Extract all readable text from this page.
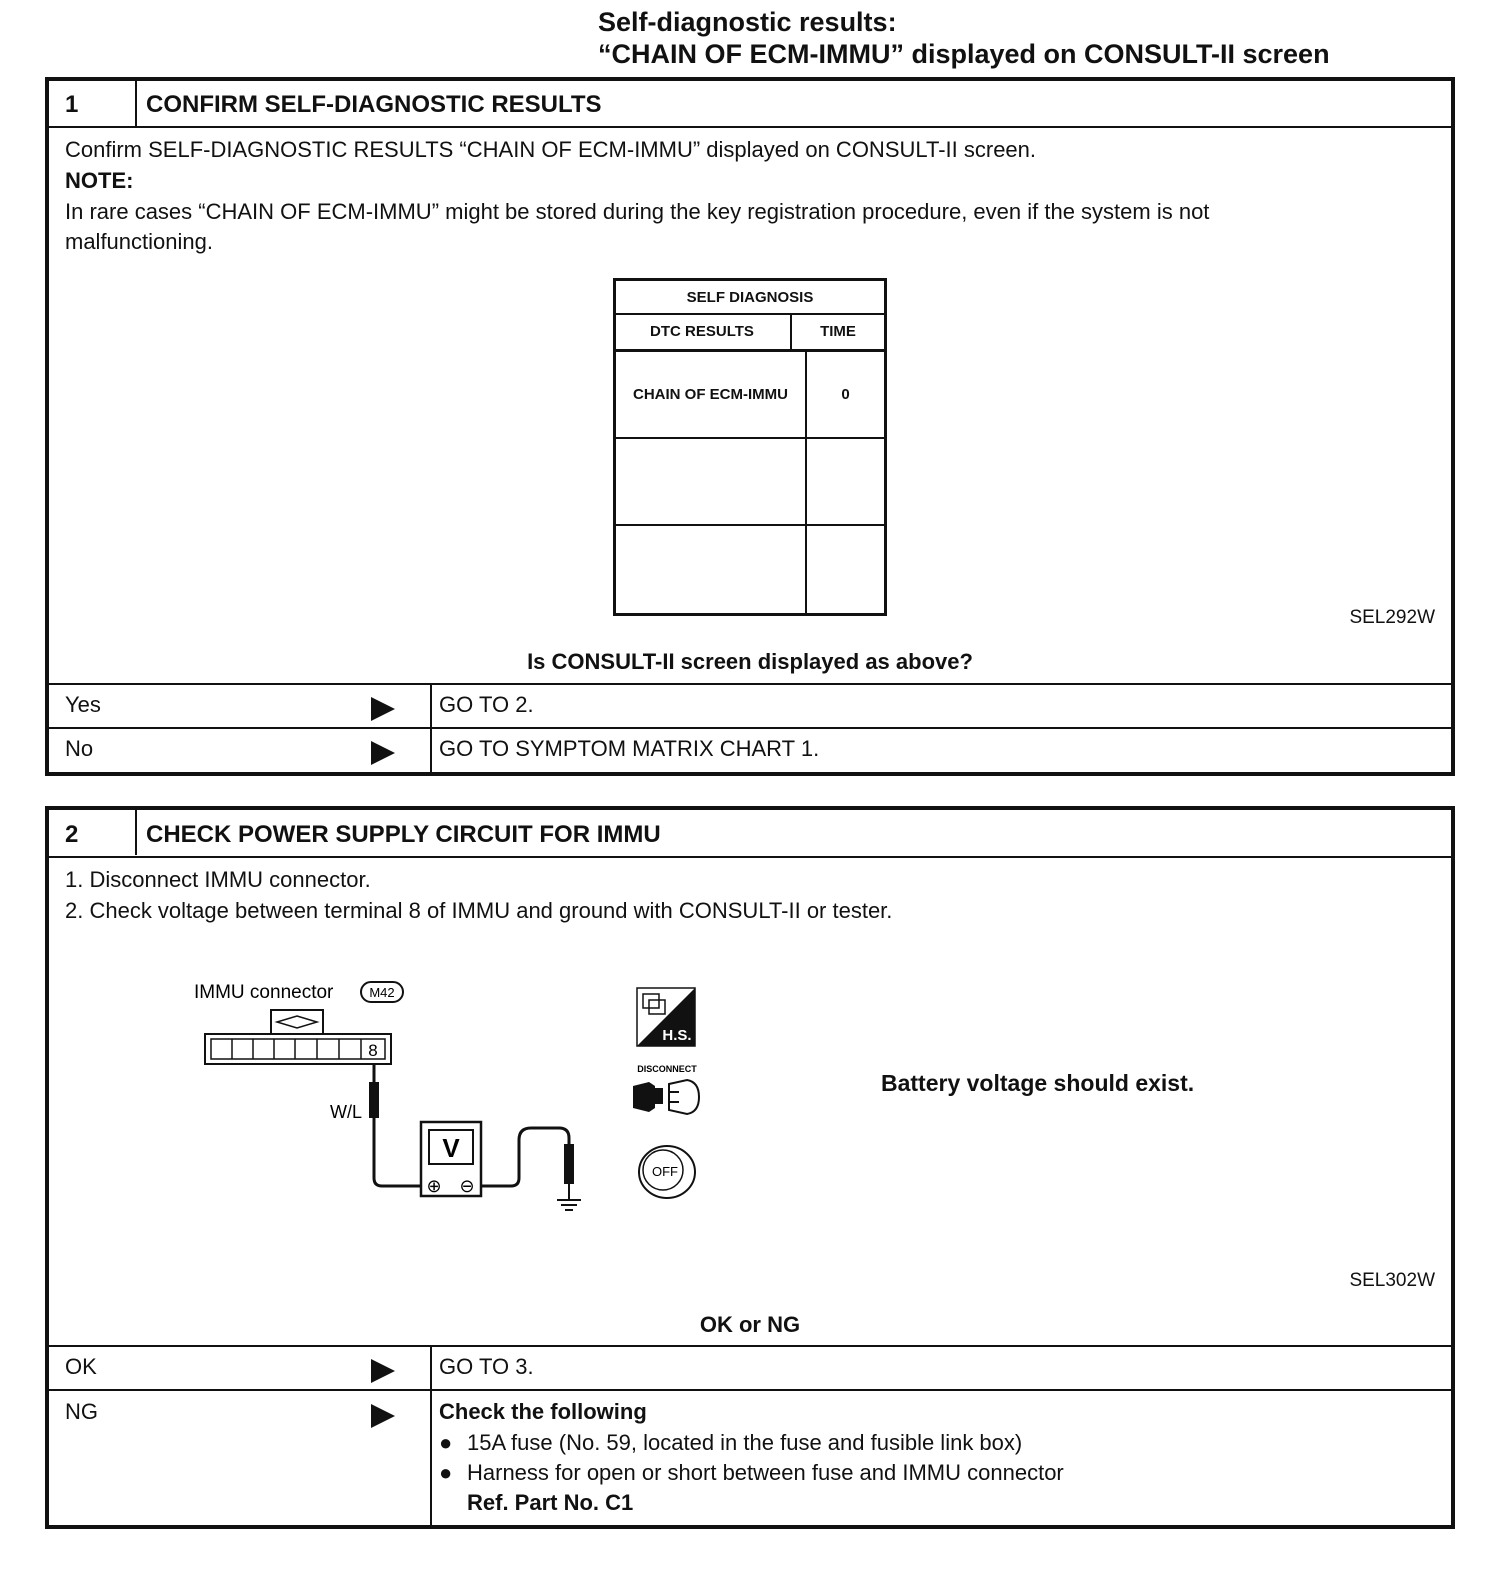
Self-diagnostic results:
“CHAIN OF ECM-IMMU” displayed on CONSULT-II screen
1	CONFIRM SELF-DIAGNOSTIC RESULTS
Confirm SELF-DIAGNOSTIC RESULTS “CHAIN OF ECM-IMMU” displayed on CONSULT-II screen.
NOTE:
In rare cases “CHAIN OF ECM-IMMU” might be stored during the key registration procedure, even if the system is not
malfunctioning.
SELF DIAGNOSIS
DTC RESULTS	TIME
CHAIN OF ECM-IMMU	0
SEL292W
Is CONSULT-II screen displayed as above?
Yes	GO TO 2.
No	GO TO SYMPTOM MATRIX CHART 1.
2	CHECK POWER SUPPLY CIRCUIT FOR IMMU
1. Disconnect IMMU connector.
2. Check voltage between terminal 8 of IMMU and ground with CONSULT-II or tester.
IMMU connector	M42
8
W/L
V
⊕ ⊖
H.S.
DISCONNECT
OFF
Battery voltage should exist.
SEL302W
OK or NG
OK	GO TO 3.
NG	Check the following
● 15A fuse (No. 59, located in the fuse and fusible link box)
● Harness for open or short between fuse and IMMU connector
Ref. Part No. C1
